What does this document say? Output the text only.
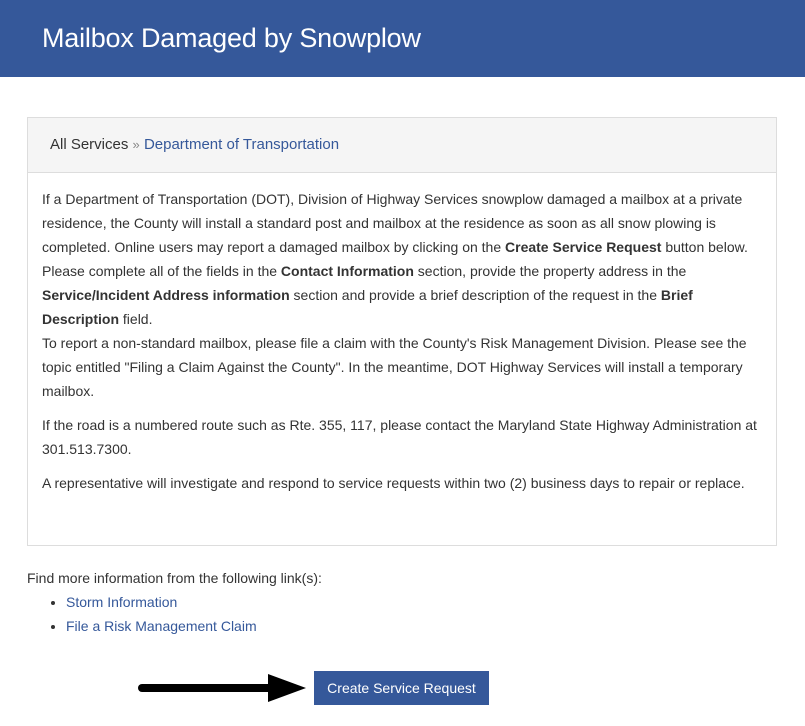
Mailbox Damaged by Snowplow
All Services » Department of Transportation

If a Department of Transportation (DOT), Division of Highway Services snowplow damaged a mailbox at a private residence, the County will install a standard post and mailbox at the residence as soon as all snow plowing is completed. Online users may report a damaged mailbox by clicking on the Create Service Request button below. Please complete all of the fields in the Contact Information section, provide the property address in the Service/Incident Address information section and provide a brief description of the request in the Brief Description field.
To report a non-standard mailbox, please file a claim with the County's Risk Management Division. Please see the topic entitled "Filing a Claim Against the County". In the meantime, DOT Highway Services will install a temporary mailbox.

If the road is a numbered route such as Rte. 355, 117, please contact the Maryland State Highway Administration at 301.513.7300.

A representative will investigate and respond to service requests within two (2) business days to repair or replace.

Find more information from the following link(s):

• Storm Information
• File a Risk Management Claim
Create Service Request
